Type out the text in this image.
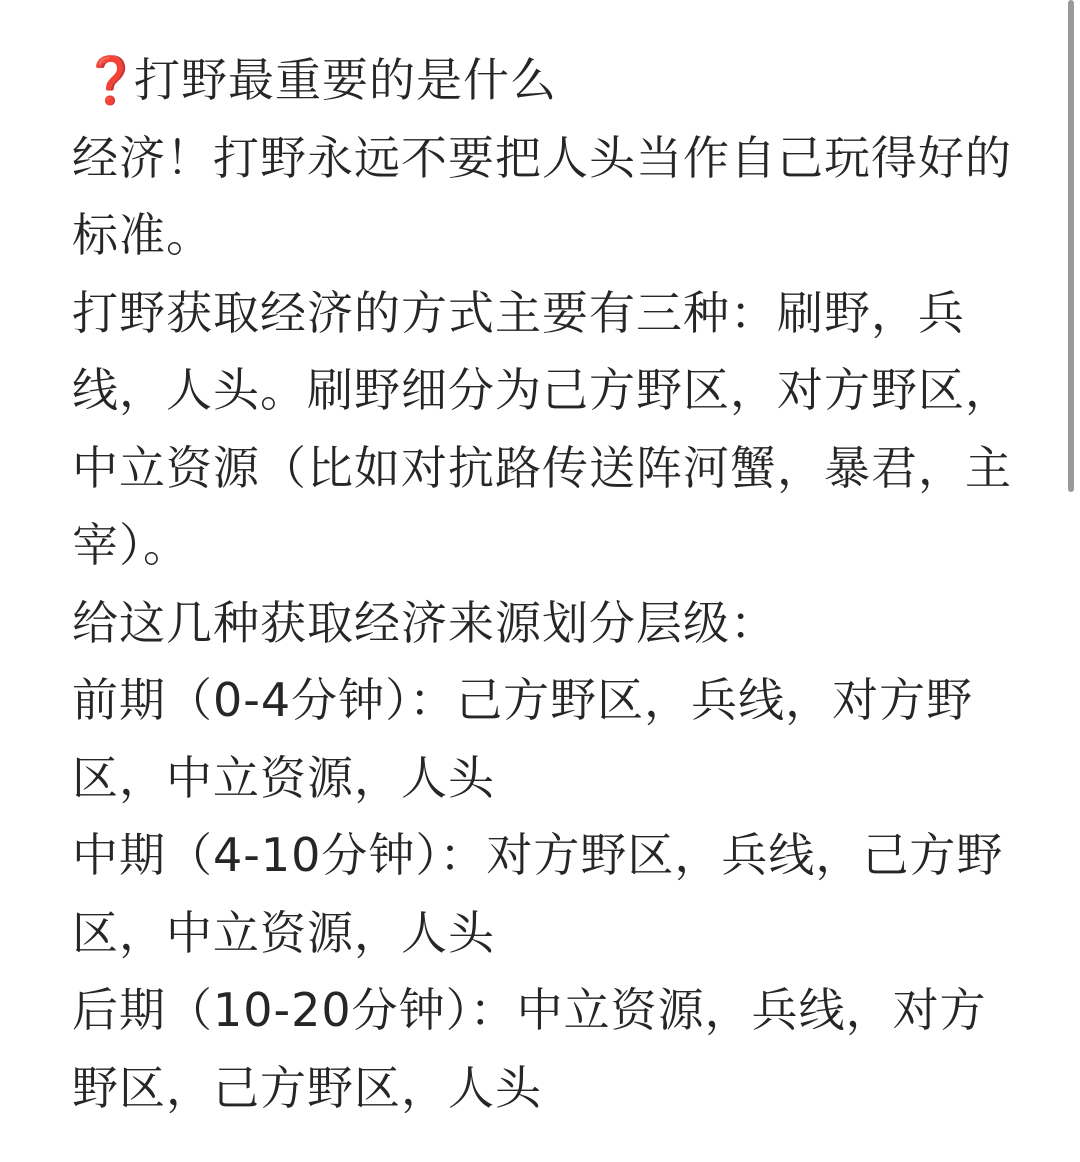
❓打野最重要的是什么

经济！打野永远不要把人头当作自己玩得好的标准。

打野获取经济的方式主要有三种：刷野，兵线，人头。刷野细分为己方野区，对方野区，中立资源（比如对抗路传送阵河蟹，暴君，主宰）。

给这几种获取经济来源划分层级：

前期（0-4分钟）：己方野区，兵线，对方野区，中立资源，人头

中期（4-10分钟）：对方野区，兵线，己方野区，中立资源，人头

后期（10-20分钟）：中立资源，兵线，对方野区，己方野区，人头
